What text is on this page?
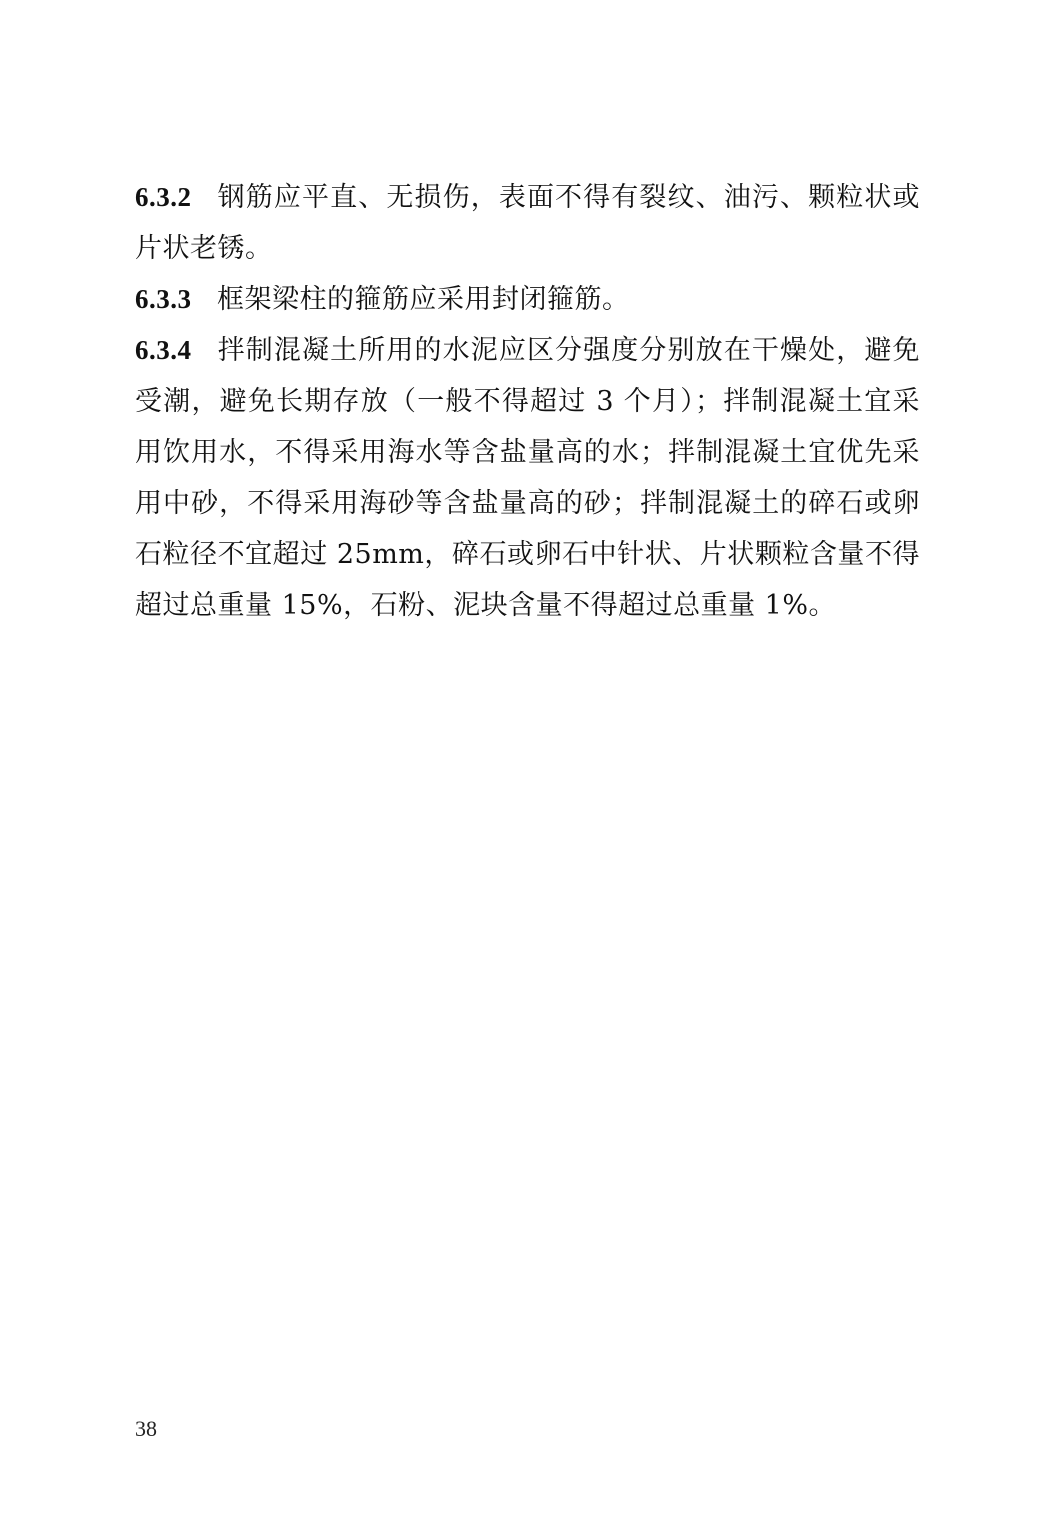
6.3.2 钢筋应平直、无损伤，表面不得有裂纹、油污、颗粒状或片状老锈。

6.3.3 框架梁柱的箍筋应采用封闭箍筋。

6.3.4 拌制混凝土所用的水泥应区分强度分别放在干燥处，避免受潮，避免长期存放（一般不得超过 3 个月）；拌制混凝土宜采用饮用水，不得采用海水等含盐量高的水；拌制混凝土宜优先采用中砂，不得采用海砂等含盐量高的砂；拌制混凝土的碎石或卵石粒径不宜超过 25mm，碎石或卵石中针状、片状颗粒含量不得超过总重量 15%，石粉、泥块含量不得超过总重量 1%。

38
